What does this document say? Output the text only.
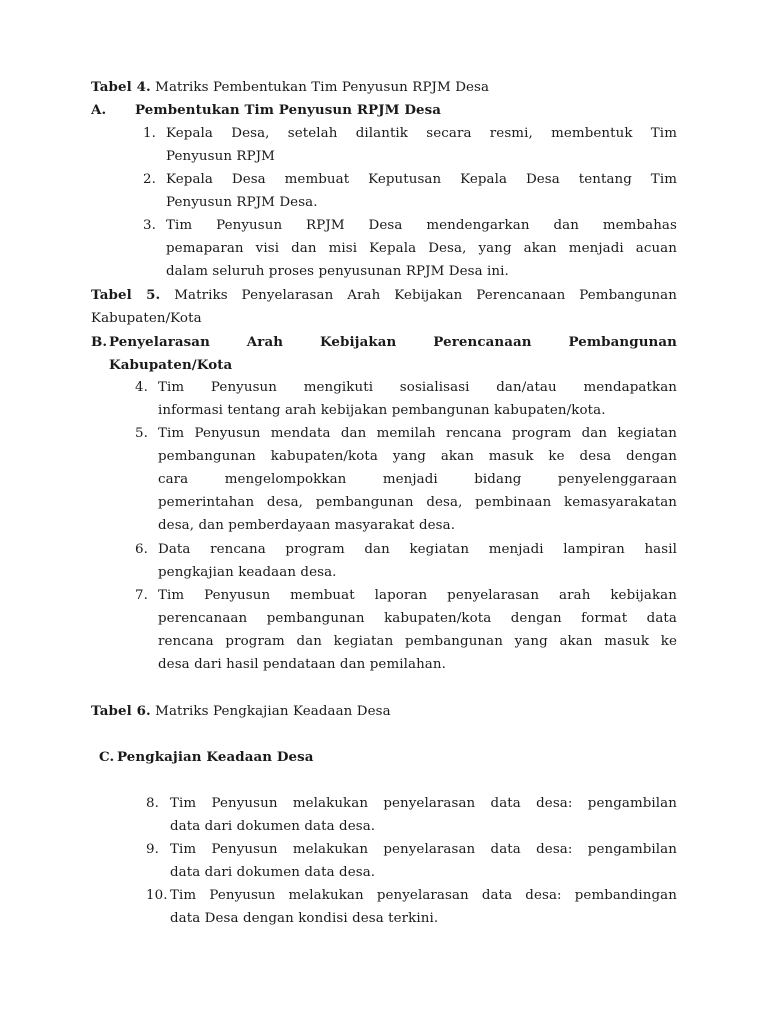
Tabel 4. Matriks Pembentukan Tim Penyusun RPJM Desa
A. Pembentukan Tim Penyusun RPJM Desa
1. Kepala Desa, setelah dilantik secara resmi, membentuk Tim
Penyusun RPJM
2. Kepala Desa membuat Keputusan Kepala Desa tentang Tim
Penyusun RPJM Desa.
3. Tim Penyusun RPJM Desa mendengarkan dan membahas
pemaparan visi dan misi Kepala Desa, yang akan menjadi acuan
dalam seluruh proses penyusunan RPJM Desa ini.
Tabel 5. Matriks Penyelarasan Arah Kebijakan Perencanaan Pembangunan
Kabupaten/Kota
B. Penyelarasan Arah Kebijakan Perencanaan Pembangunan
Kabupaten/Kota
4. Tim Penyusun mengikuti sosialisasi dan/atau mendapatkan
informasi tentang arah kebijakan pembangunan kabupaten/kota.
5. Tim Penyusun mendata dan memilah rencana program dan kegiatan
pembangunan kabupaten/kota yang akan masuk ke desa dengan
cara mengelompokkan menjadi bidang penyelenggaraan
pemerintahan desa, pembangunan desa, pembinaan kemasyarakatan
desa, dan pemberdayaan masyarakat desa.
6. Data rencana program dan kegiatan menjadi lampiran hasil
pengkajian keadaan desa.
7. Tim Penyusun membuat laporan penyelarasan arah kebijakan
perencanaan pembangunan kabupaten/kota dengan format data
rencana program dan kegiatan pembangunan yang akan masuk ke
desa dari hasil pendataan dan pemilahan.
Tabel 6. Matriks Pengkajian Keadaan Desa
C. Pengkajian Keadaan Desa
8. Tim Penyusun melakukan penyelarasan data desa: pengambilan
data dari dokumen data desa.
9. Tim Penyusun melakukan penyelarasan data desa: pengambilan
data dari dokumen data desa.
10. Tim Penyusun melakukan penyelarasan data desa: pembandingan
data Desa dengan kondisi desa terkini.
